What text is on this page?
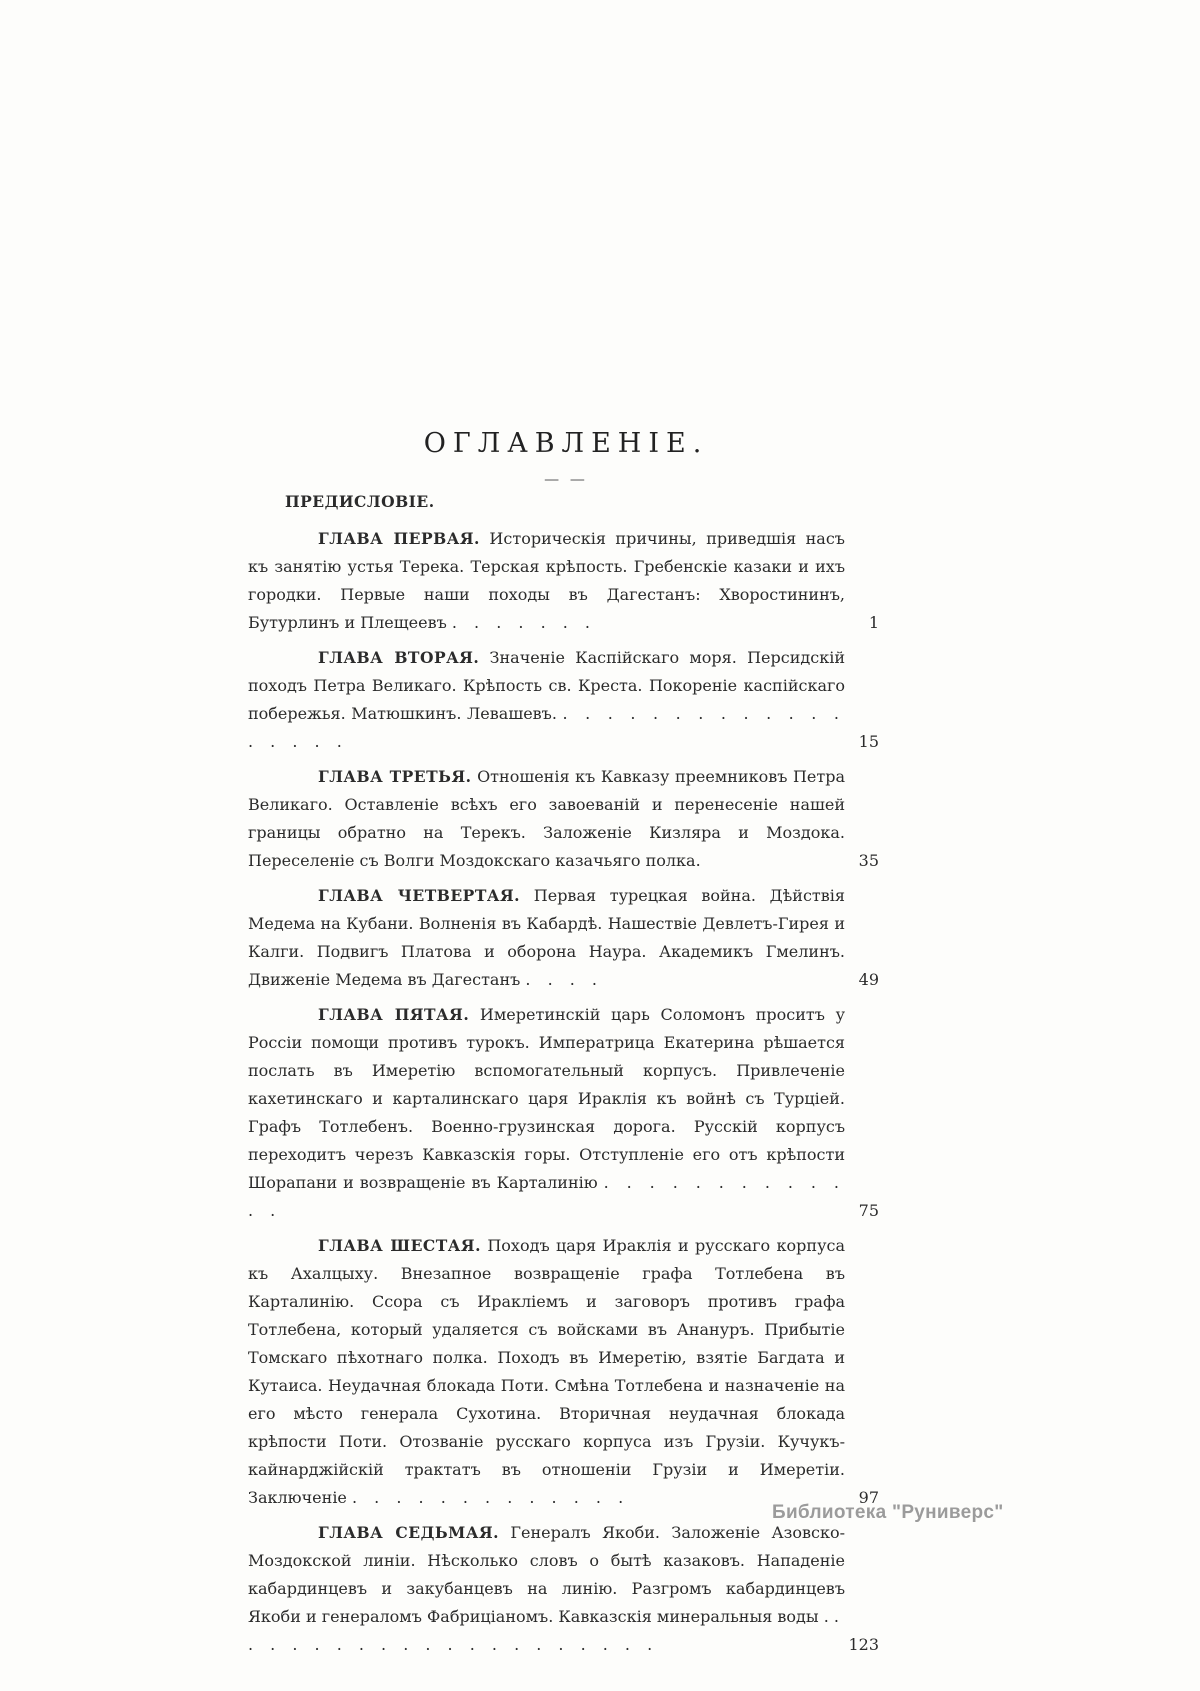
ОГЛАВЛЕНІЕ.
— —

ПРЕДИСЛОВІЕ.

ГЛАВА ПЕРВАЯ. Историческія причины, приведшія насъ къ занятію устья Терека. Терская крѣпость. Гребенскіе казаки и ихъ городки. Первые наши походы въ Дагестанъ: Хворостининъ, Бутурлинъ и Плещеевъ . . . . . . .	1

ГЛАВА ВТОРАЯ. Значеніе Каспійскаго моря. Персидскій походъ Петра Великаго. Крѣпость св. Креста. Покореніе каспійскаго побережья. Матюшкинъ. Левашевъ. . . . . . . . . . . . . . . . . . .	15

ГЛАВА ТРЕТЬЯ. Отношенія къ Кавказу преемниковъ Петра Великаго. Оставленіе всѣхъ его завоеваній и перенесеніе нашей границы обратно на Терекъ. Заложеніе Кизляра и Моздока. Переселеніе съ Волги Моздокскаго казачьяго полка.	35

ГЛАВА ЧЕТВЕРТАЯ. Первая турецкая война. Дѣйствія Медема на Кубани. Волненія въ Кабардѣ. Нашествіе Девлетъ-Гирея и Калги. Подвигъ Платова и оборона Наура. Академикъ Гмелинъ. Движеніе Медема въ Дагестанъ . . . .	49

ГЛАВА ПЯТАЯ. Имеретинскій царь Соломонъ проситъ у Россіи помощи противъ турокъ. Императрица Екатерина рѣшается послать въ Имеретію вспомогательный корпусъ. Привлеченіе кахетинскаго и карталинскаго царя Ираклія къ войнѣ съ Турціей. Графъ Тотлебенъ. Военно-грузинская дорога. Русскій корпусъ переходитъ черезъ Кавказскія горы. Отступленіе его отъ крѣпости Шорапани и возвращеніе въ Карталинію . . . . . . . . . . . . .	75

ГЛАВА ШЕСТАЯ. Походъ царя Ираклія и русскаго корпуса къ Ахалцыху. Внезапное возвращеніе графа Тотлебена въ Карталинію. Ссора съ Иракліемъ и заговоръ противъ графа Тотлебена, который удаляется съ войсками въ Анануръ. Прибытіе Томскаго пѣхотнаго полка. Походъ въ Имеретію, взятіе Багдата и Кутаиса. Неудачная блокада Поти. Смѣна Тотлебена и назначеніе на его мѣсто генерала Сухотина. Вторичная неудачная блокада крѣпости Поти. Отозваніе русскаго корпуса изъ Грузіи. Кучукъ-кайнарджійскій трактатъ въ отношеніи Грузіи и Имеретіи. Заключеніе . . . . . . . . . . . . .	97

ГЛАВА СЕДЬМАЯ. Генералъ Якоби. Заложеніе Азовско-Моздокской линіи. Нѣсколько словъ о бытѣ казаковъ. Нападеніе кабардинцевъ и закубанцевъ на линію. Разгромъ кабардинцевъ Якоби и генераломъ Фабриціаномъ. Кавказскія минеральныя воды . . . . . . . . . . . . . . . . . . . . .	123
Библиотека "Руниверс"
